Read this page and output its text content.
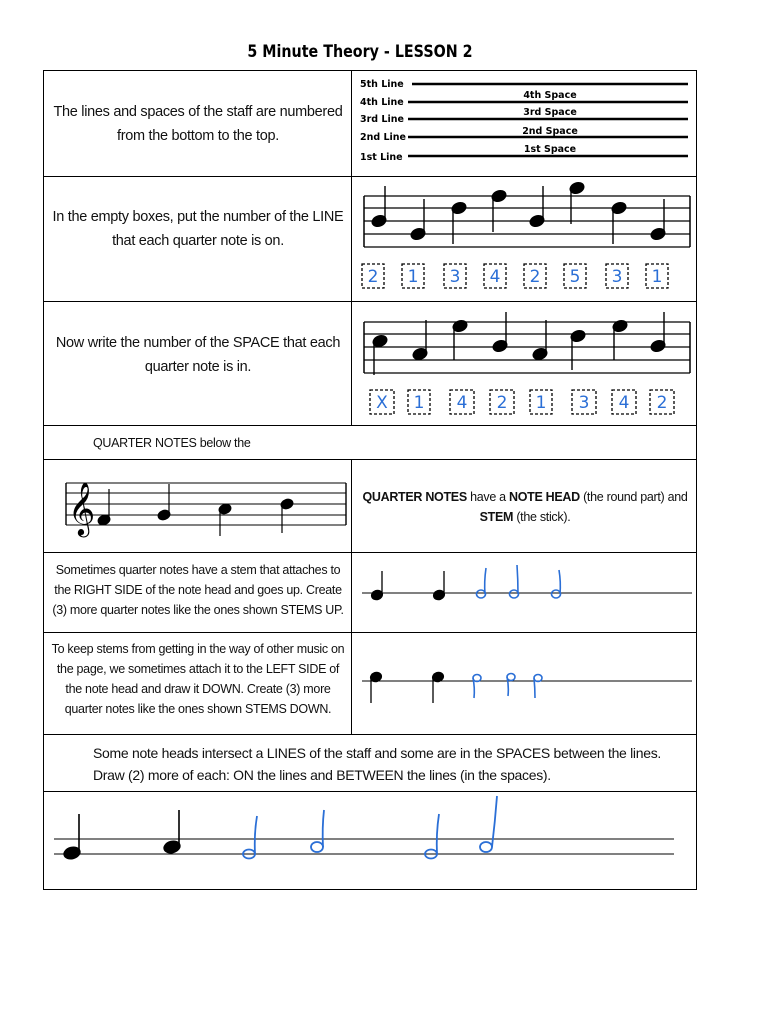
5 Minute Theory - LESSON 2
The lines and spaces of the staff are numbered from the bottom to the top.
5th Line
4th Line
3rd Line
2nd Line
1st Line
4th Space
3rd Space
2nd Space
1st Space
In the empty boxes, put the number of the LINE that each quarter note is on.
2 1 3 4 2 5 3 1
Now write the number of the SPACE that each quarter note is in.
X 1 4 2 1 3 4 2
QUARTER NOTES below the
𝄞	QUARTER NOTES have a NOTE HEAD (the round part) and
STEM (the stick).
Sometimes quarter notes have a stem that attaches to the RIGHT SIDE of the note head and goes up. Create (3) more quarter notes like the ones shown STEMS UP.
To keep stems from getting in the way of other music on the page, we sometimes attach it to the LEFT SIDE of the note head and draw it DOWN. Create (3) more quarter notes like the ones shown STEMS DOWN.
Some note heads intersect a LINES of the staff and some are in the SPACES between the lines. Draw (2) more of each: ON the lines and BETWEEN the lines (in the spaces).
